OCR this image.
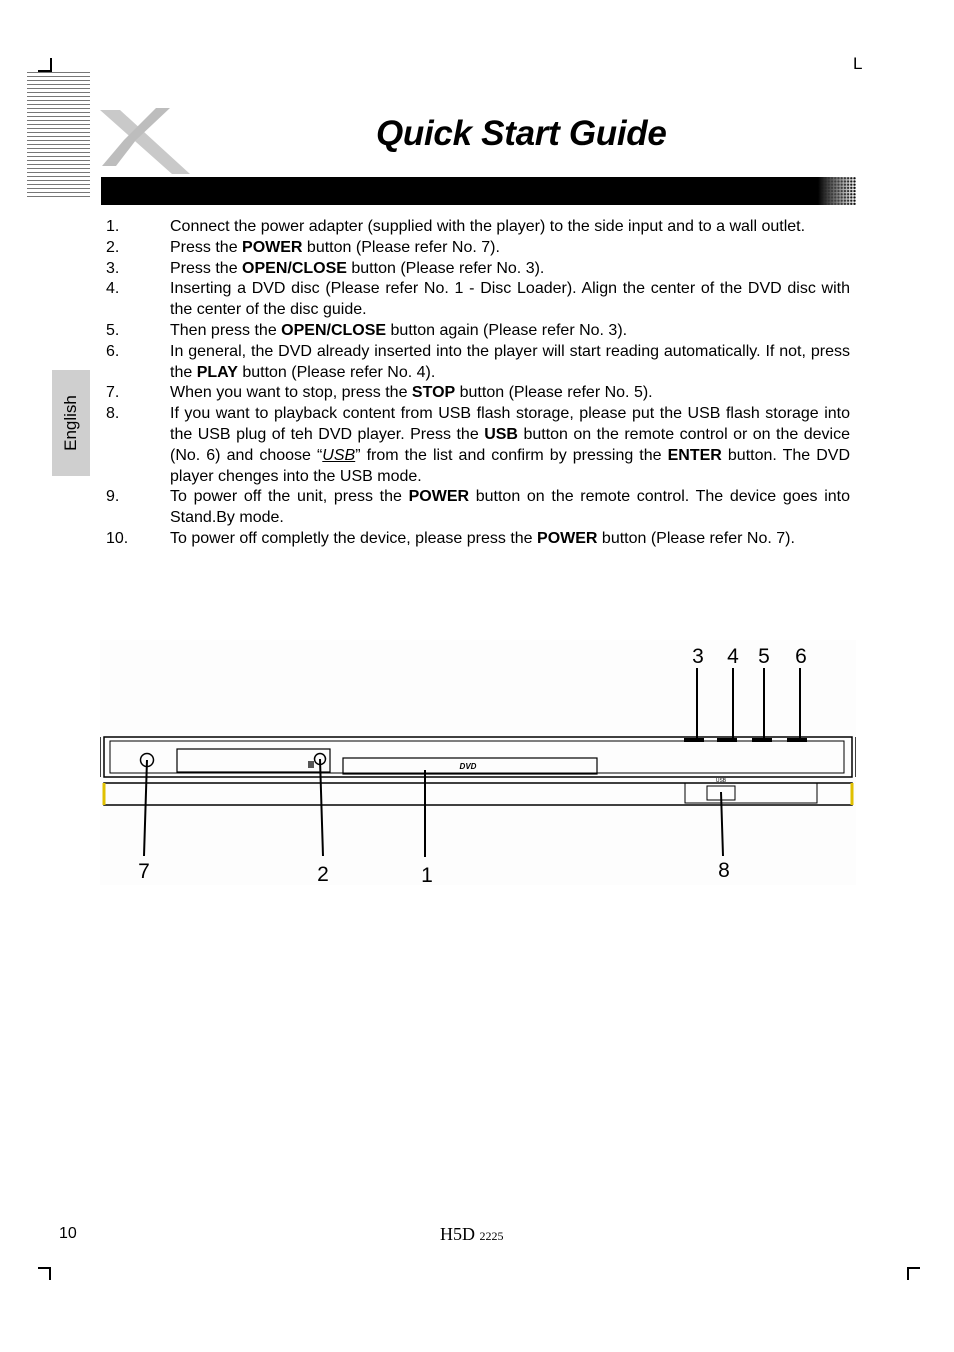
L
Quick Start Guide
English
1.	Connect the power adapter (supplied with the player) to the side input and to a wall outlet.
2.	Press the POWER button (Please refer No. 7).
3.	Press the OPEN/CLOSE button (Please refer No. 3).
4.	Inserting a DVD disc (Please refer No. 1 - Disc Loader). Align the center of the DVD disc with the center of the disc guide.
5.	Then press the OPEN/CLOSE button again (Please refer No. 3).
6.	In general, the DVD already inserted into the player will start reading automatically. If not, press the PLAY button (Please refer No. 4).
7.	When you want to stop, press the STOP button (Please refer No. 5).
8.	If you want to playback content from USB flash storage, please put the USB flash storage into the USB plug of teh DVD player. Press the USB button on the remote control or on the device (No. 6) and choose “USB” from the list and confirm by pressing the ENTER button. The DVD player chenges into the USB mode.
9.	To power off the unit, press the POWER button on the remote control. The device goes into Stand.By mode.
10.	To power off completly the device, please press the POWER button (Please refer No. 7).
DVD
USB
3 4 5 6
7	2	1	8
10	H5D 2225
